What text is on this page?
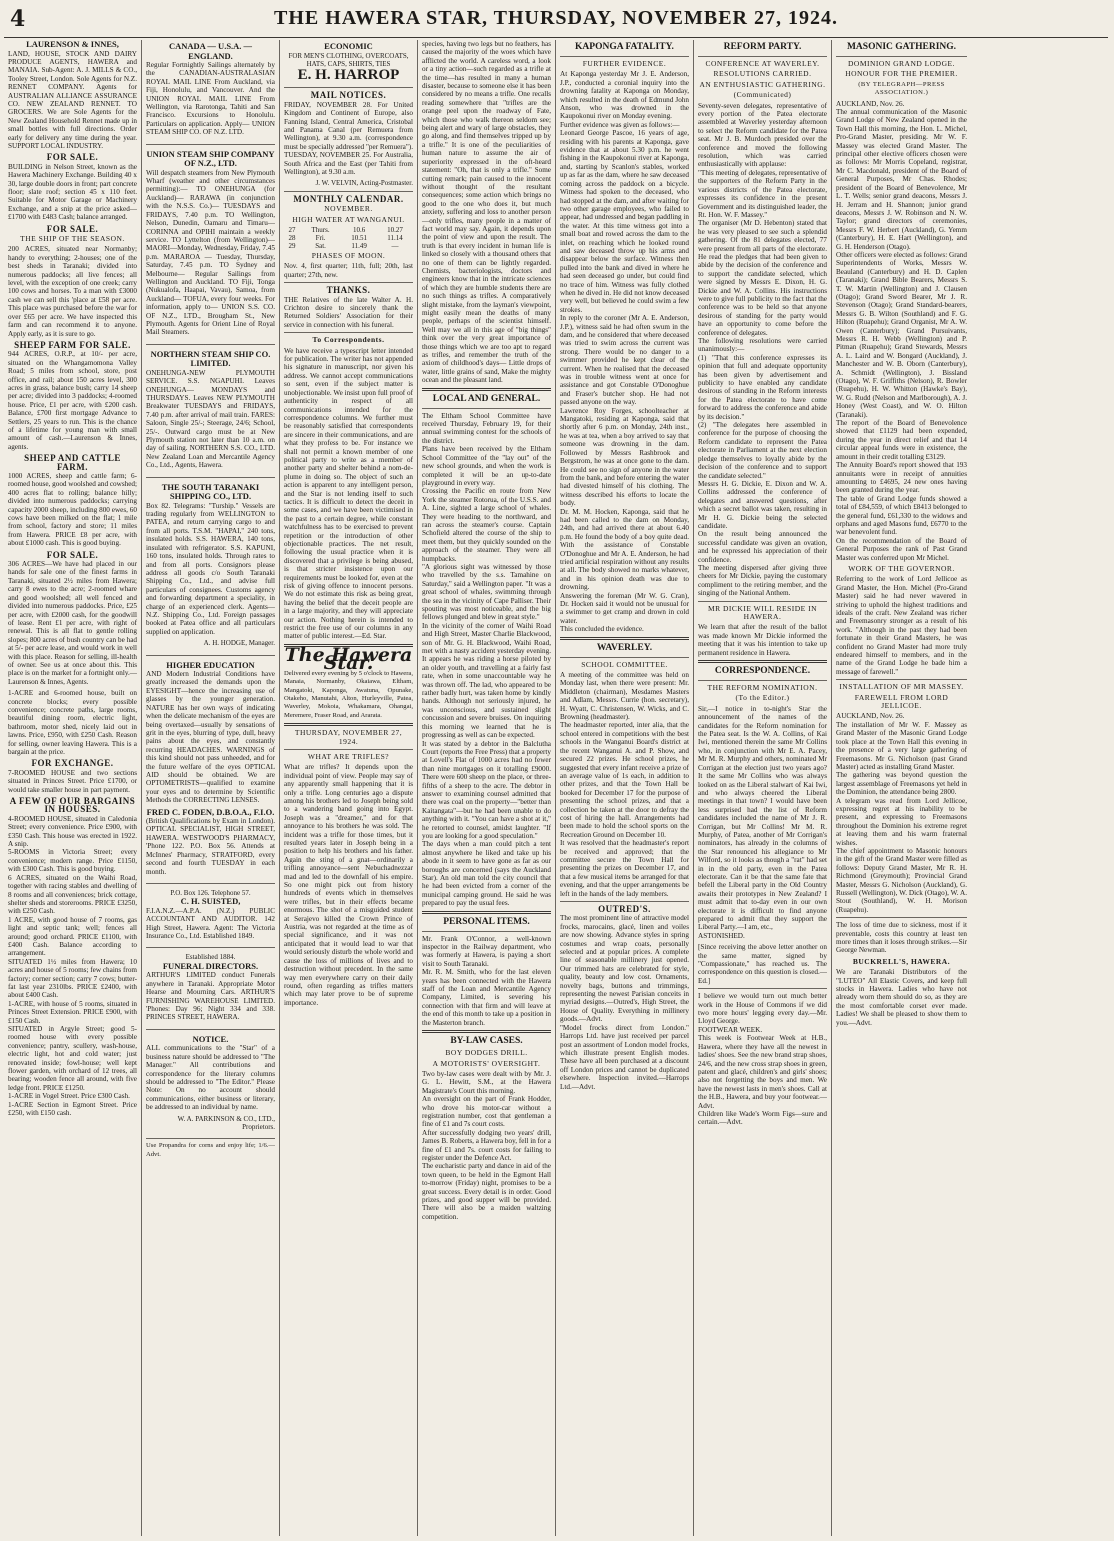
4	THE HAWERA STAR, THURSDAY, NOVEMBER 27, 1924.
LAURENSON & INNES,

LAND, HOUSE, STOCK AND DAIRY PRODUCE AGENTS, HAWERA and MANAIA. Sub-Agent: A. J. MILLS & CO., Tooley Street, London. Sole Agents for N.Z. RENNET COMPANY. Agents for AUSTRALIAN ALLIANCE ASSURANCE CO. NEW ZEALAND RENNET. TO GROCERS. We are Sole Agents for the New Zealand Household Rennet made up in small bottles with full directions. Order early for delivery any time during the year. SUPPORT LOCAL INDUSTRY.

FOR SALE.

BUILDING in Nelson Street, known as the Hawera Machinery Exchange. Building 40 x 30, large double doors in front; part concrete floor; slate roof; section 45 x 110 feet. Suitable for Motor Garage or Machinery Exchange, and a snip at the price asked—£1700 with £483 Cash; balance arranged.

FOR SALE.
THE SHIP OF THE SEASON.

200 ACRES, situated near Normanby; handy to everything; 2-houses; one of the best sheds in Taranaki; divided into numerous paddocks; all live fences; all level, with the exception of one creek; carry 100 cows and horses. To a man with £3000 cash we can sell this 'place at £58 per acre. This place was purchased before the war for over £65 per acre. We have inspected this farm and can recommend it to anyone. Apply early, as it is sure to go.

SHEEP FARM FOR SALE.

944 ACRES, O.R.P., at 10/- per acre, situated on the Whangamomona Valley Road; 5 miles from school, store, post office, and rail; about 150 acres level, 300 acres in grass, balance bush; carry 14 sheep per acre; divided into 3 paddocks; 4-roomed house. Price, £1 per acre, with £200 cash. Balance, £700 first mortgage Advance to Settlers, 25 years to run. This is the chance of a lifetime for young man with small amount of cash.—Laurenson & Innes, agents.

SHEEP AND CATTLE FARM.

1000 ACRES, sheep and cattle farm; 6-roomed house, good woolshed and cowshed; 400 acres flat to rolling; balance hilly; divided into numerous paddocks; carrying capacity 2000 sheep, including 800 ewes, 60 cows have been milked on the flat; 1 mile from school, factory and store; 11 miles from Hawera. PRICE £8 per acre, with about £1000 cash. This is good buying.

FOR SALE.

306 ACRES—We have had placed in our hands for sale one of the finest farms in Taranaki, situated 2½ miles from Hawera; carry 8 ewes to the acre; 2-roomed whare and good woolshed; all well fenced and divided into numerous paddocks. Price, £25 per acre, with £2000 cash, for the goodwill of lease. Rent £1 per acre, with right of renewal. This is all flat to gentle rolling slopes; 800 acres of bush country can be had at 5/- per acre lease, and would work in well with this place. Reason for selling, ill-health of owner. See us at once about this. This place is on the market for a fortnight only.—Laurenson & Innes, Agents.

1-ACRE and 6-roomed house, built on concrete blocks; every possible convenience; concrete paths, large rooms, beautiful dining room, electric light, bathroom, motor shed, nicely laid out in lawns. Price, £950, with £250 Cash. Reason for selling, owner leaving Hawera. This is a bargain at the price.

FOR EXCHANGE.

7-ROOMED HOUSE and two sections situated in Princes Street. Price £1700, or would take smaller house in part payment.

A FEW OF OUR BARGAINS IN HOUSES.

4-ROOMED HOUSE, situated in Caledonia Street; every convenience. Price £900, with £350 Cash. This house was erected in 1922. A snip.
5-ROOMS in Victoria Street; every convenience; modern range. Price £1150, with £300 Cash. This is good buying.
6 ACRES, situated on the Waihi Road, together with racing stables and dwelling of 8 rooms and all conveniences; brick cottage, shelter sheds and storerooms. PRICE £3250, with £250 Cash.
1 ACRE, with good house of 7 rooms, gas light and septic tank; well; fences all around; good orchard. PRICE £1100, with £400 Cash. Balance according to arrangement.
SITUATED 1½ miles from Hawera; 10 acres and house of 5 rooms; few chains from factory; corner section; carry 7 cows; butter-fat last year 2310lbs. PRICE £2400, with about £400 Cash.
1-ACRE, with house of 5 rooms, situated in Princes Street Extension. PRICE £900, with £150 Cash.
SITUATED in Argyle Street; good 5-roomed house with every possible convenience; pantry, scullery, wash-house, electric light, hot and cold water; just renovated inside; fowl-house; well kept flower garden, with orchard of 12 trees, all bearing; wooden fence all around, with five ledge front. PRICE £1250.
1-ACRE in Vogel Street. Price £300 Cash.
1-ACRE Section in Egmont Street. Price £250, with £150 cash.

CANADA — U.S.A. — ENGLAND.

Regular Fortnightly Sailings alternately by the CANADIAN-AUSTRALASIAN ROYAL MAIL LINE From Auckland, via Fiji, Honolulu, and Vancouver. And the UNION ROYAL MAIL LINE From Wellington, via Rarotonga, Tahiti and San Francisco. Excursions to Honolulu. Particulars on application. Apply— UNION STEAM SHIP CO. OF N.Z. LTD.

UNION STEAM SHIP COMPANY OF N.Z., LTD.

Will despatch steamers from New Plymouth Wharf (weather and other circumstances permitting):— TO ONEHUNGA (for Auckland)— RARAWA (in conjunction with the N.S.S. Co.)— TUESDAYS and FRIDAYS, 7.40 p.m. TO Wellington, Nelson, Dunedin, Oamaru and Timaru— CORINNA and OPIHI maintain a weekly service. TO Lyttelton (from Wellington)— MAORI—Monday, Wednesday, Friday, 7.45 p.m. MARAROA — Tuesday, Thursday, Saturday, 7.45 p.m. TO Sydney and Melbourne— Regular Sailings from Wellington and Auckland. TO Fiji, Tonga (Nukualofa, Haapai, Vavau), Samoa, from Auckland— TOFUA, every four weeks. For information, apply to— UNION S.S. CO. OF N.Z., LTD., Brougham St., New Plymouth. Agents for Orient Line of Royal Mail Steamers.

NORTHERN STEAM SHIP CO. LIMITED.

ONEHUNGA-NEW PLYMOUTH SERVICE. S.S. NGAPUHI. Leaves ONEHUNGA— MONDAYS and THURSDAYS. Leaves NEW PLYMOUTH Breakwater TUESDAYS and FRIDAYS, 7.40 p.m. after arrival of mail train. FARES: Saloon, Single 25/-; Steerage, 24/6; School, 25/-. Outward cargo must be at New Plymouth station not later than 10 a.m. on day of sailing. NORTHERN S.S. CO., LTD. New Zealand Loan and Mercantile Agency Co., Ltd., Agents, Hawera.

THE SOUTH TARANAKI SHIPPING CO., LTD.

Box 82. Telegrams: "Turship." Vessels are trading regularly from WELLINGTON to PATEA, and return carrying cargo to and from all ports. T.S.M. "HAPAI," 240 tons, insulated holds. S.S. HAWERA, 140 tons, insulated with refrigerator. S.S. KAPUNI, 160 tons, insulated holds. Through rates to and from all ports. Consignors please address all goods c/o South Taranaki Shipping Co., Ltd., and advise full particulars of consignees. Customs agency and forwarding department a speciality, in charge of an experienced clerk. Agents—N.Z. Shipping Co., Ltd. Foreign passages booked at Patea office and all particulars supplied on application.

A. H. HODGE, Manager.
HIGHER EDUCATION

AND Modern Industrial Conditions have greatly increased the demands upon the EYESIGHT—hence the increasing use of glasses by the younger generation. NATURE has her own ways of indicating when the delicate mechanism of the eyes are being overtaxed—usually by sensations of grit in the eyes, blurring of type, dull, heavy pains about the eyes, and constantly recurring HEADACHES. WARNINGS of this kind should not pass unheeded, and for the future welfare of the eyes OPTICAL AID should be obtained. We are OPTOMETRISTS—qualified to examine your eyes and to determine by Scientific Methods the CORRECTING LENSES.

FRED C. FODEN, D.B.O.A., F.I.O.

(British Qualifications by Exam in London). OPTICAL SPECIALIST, HIGH STREET, HAWERA. WESTWOOD'S PHARMACY, 'Phone 122. P.O. Box 56. Attends at McInnes' Pharmacy, STRATFORD, every second and fourth TUESDAY in each month.

P.O. Box 126. Telephone 57.
C. H. SUISTED,

F.I.A.N.Z.—A.P.A. (N.Z.) PUBLIC ACCOUNTANT AND AUDITOR. 142 High Street, Hawera. Agent: The Victoria Insurance Co., Ltd. Established 1849.

Established 1884.
FUNERAL DIRECTORS.

ARTHUR'S LIMITED conduct Funerals anywhere in Taranaki. Appropriate Motor Hearse and Mourning Cars. ARTHUR'S FURNISHING WAREHOUSE LIMITED. 'Phones: Day 96; Night 334 and 338. PRINCES STREET, HAWERA.

NOTICE.

ALL communications to the "Star" of a business nature should be addressed to "The Manager." All contributions and correspondence for the literary columns should be addressed to "The Editor." Please Note: On no account should communications, either business or literary, be addressed to an individual by name.

W. A. PARKINSON & CO., LTD., Proprietors.

Use Propandra for corns and enjoy life; 1/6.—Advt.

ECONOMIC
FOR MEN'S CLOTHING, OVERCOATS, HATS, CAPS, SHIRTS, TIES
E. H. HARROP
MAIL NOTICES.

FRIDAY, NOVEMBER 28. For United Kingdom and Continent of Europe, also Fanning Island, Central America, Cristobal and Panama Canal (per Remuera from Wellington), at 9.30 a.m. (correspondence must be specially addressed "per Remuera"). TUESDAY, NOVEMBER 25. For Australia, South Africa and the East (per Tahiti from Wellington), at 9.30 a.m.

J. W. VELVIN, Acting-Postmaster.
MONTHLY CALENDAR.
NOVEMBER.
HIGH WATER AT WANGANUI.
27	Thurs.	10.6	10.27
28	Fri.	10.51	11.14
29	Sat.	11.49	—
PHASES OF MOON.

Nov. 4, first quarter; 11th, full; 20th, last quarter; 27th, new.

THANKS.

THE Relatives of the late Walter A. H. Crichton desire to sincerely thank the Returned Soldiers' Association for their service in connection with his funeral.

To Correspondents.

We have receive a typescript letter intended for publication. The writer has not appended his signature in manuscript, nor given his address. We cannot accept communications so sent, even if the subject matter is unobjectionable. We insist upon full proof of authenticity in respect of all communications intended for the correspondence columns. We further must be reasonably satisfied that correspondents are sincere in their communications, and are what they profess to be. For instance we shall not permit a known member of one political party to write as a member of another party and shelter behind a nom-de-plume in doing so. The object of such an action is apparent to any intelligent person, and the Star is not lending itself to such tactics. It is difficult to detect the deceit in some cases, and we have been victimised in the past to a certain degree, while constant watchfulness has to be exercised to prevent repetition or the introduction of other objectionable practices. The net result, following the usual practice when it is discovered that a privilege is being abused, is that stricter insistence upon our requirements must be looked for, even at the risk of giving offence to innocent persons. We do not estimate this risk as being great, having the belief that the deceit people are in a large majority, and they will appreciate our action. Nothing herein is intended to restrict the free use of our columns in any matter of public interest.—Ed. Star.

The Hawera Star.

Delivered every evening by 5 o'clock to Hawera, Manaia, Normanby, Okaiawa, Eltham, Mangatoki, Kaponga, Awatuna, Opunake, Otakeho, Manutahi, Alton, Hurleyville, Patea, Waverley, Mokoia, Whakamara, Ohangai, Meremere, Fraser Road, and Ararata.

THURSDAY, NOVEMBER 27, 1924.
WHAT ARE TRIFLES?

What are trifles? It depends upon the individual point of view. People may say of any apparently small happening that it is only a trifle. Long centuries ago a dispute among his brothers led to Joseph being sold to a wandering band going into Egypt. Joseph was a "dreamer," and for that annoyance to his brothers he was sold. The incident was a trifle for those times, but it resulted years later in Joseph being in a position to help his brothers and his father. Again the sting of a gnat—ordinarily a trifling annoyance—sent Nebuchadnezzar mad and led to the downfall of his empire. So one might pick out from history hundreds of events which in themselves were trifles, but in their effects became enormous. The shot of a misguided student at Serajevo killed the Crown Prince of Austria, was not regarded at the time as of special significance, and it was not anticipated that it would lead to war that would seriously disturb the whole world and cause the loss of millions of lives and to destruction without precedent. In the same way men everywhere carry on their daily round, often regarding as trifles matters which may later prove to be of supreme importance.

species, having two legs but no feathers, has caused the majority of the woes which have afflicted the world. A careless word, a look or a tiny action—such regarded as a trifle at the time—has resulted in many a human disaster, because to someone else it has been considered by no means a trifle. One recalls reading somewhere that "trifles are the orange peel upon the roadway of Fate, which those who walk thereon seldom see; being alert and wary of large obstacles, they go along, and find themselves tripped up by a trifle." It is one of the peculiarities of human nature to assume the air of superiority expressed in the oft-heard statement: "Oh, that is only a trifle." Some cutting remark; pain caused to the innocent without thought of the resultant consequences; some action which brings no good to the one who does it, but much anxiety, suffering and loss to another person—only trifles, many people in a matter of fact world may say. Again, it depends upon the point of view and upon the result. The truth is that every incident in human life is linked so closely with a thousand others that no one of them can be lightly regarded. Chemists, bacteriologists, doctors and engineers know that in the intricate sciences of which they are humble students there are no such things as trifles. A comparatively slight mistake, from the layman's viewpoint, might easily mean the deaths of many people, perhaps of the scientist himself. Well may we all in this age of "big things" think over the very great importance of those things which we are too apt to regard as trifles, and remember the truth of the axiom of childhood's days— Little drops of water, little grains of sand, Make the mighty ocean and the pleasant land.

LOCAL AND GENERAL.

The Eltham School Committee have received Thursday, February 19, for their annual swimming contest for the schools of the district.
Plans have been received by the Eltham School Committee of the "lay out" of the new school grounds, and when the work is completed it will be an up-to-date playground in every way.
Crossing the Pacific en route from New York the steamer Rotorua, of the U.S.S. and A. Line, sighted a large school of whales. They were heading to the northward, and ran across the steamer's course. Captain Schofield altered the course of the ship to meet them, but they quickly sounded on the approach of the steamer. They were all humpbacks.
"A glorious sight was witnessed by those who travelled by the s.s. Tamahine on Saturday," said a Wellington paper. "It was a great school of whales, swimming through the sea in the vicinity of Cape Palliser. Their spouting was most noticeable, and the big fellows plunged and blew in great style."
In the vicinity of the corner of Waihi Road and High Street, Master Charlie Blackwood, son of Mr. G. H. Blackwood, Waihi Road, met with a nasty accident yesterday evening. It appears he was riding a horse piloted by an older youth, and travelling at a fairly fast rate, when in some unaccountable way he was thrown off. The lad, who appeared to be rather badly hurt, was taken home by kindly hands. Although not seriously injured, he was unconscious, and sustained slight concussion and severe bruises. On inquiring this morning we learned that he is progressing as well as can be expected.
It was stated by a debtor in the Balclutha Court (reports the Free Press) that a property at Lovell's Flat of 1000 acres had no fewer than nine mortgages on it totalling £9000. There were 600 sheep on the place, or three-fifths of a sheep to the acre. The debtor in answer to examining counsel admitted that there was coal on the property—"better than Kaitangata"—but he had been unable to do anything with it. "You can have a shot at it," he retorted to counsel, amidst laughter. "If you are looking for a good speculation."
The days when a man could pitch a tent almost anywhere he liked and take up his abode in it seem to have gone as far as our boroughs are concerned (says the Auckland Star). An old man told the city council that he had been evicted from a corner of the municipal camping ground. He said he was prepared to pay the usual fees.

PERSONAL ITEMS.

Mr. Frank O'Connor, a well-known inspector in the Railway department, who was formerly at Hawera, is paying a short visit to South Taranaki.
Mr. R. M. Smith, who for the last eleven years has been connected with the Hawera staff of the Loan and Mercantile Agency Company, Limited, is severing his connection with that firm and will leave at the end of this month to take up a position in the Masterton branch.

BY-LAW CASES.
BOY DODGES DRILL.
A MOTORISTS' OVERSIGHT.

Two by-law cases were dealt with by Mr. J. G. L. Hewitt, S.M., at the Hawera Magistrate's Court this morning.
An oversight on the part of Frank Hodder, who drove his motor-car without a registration number, cost that gentleman a fine of £1 and 7s court costs.
After successfully dodging two years' drill, James B. Roberts, a Hawera boy, fell in for a fine of £1 and 7s. court costs for failing to register under the Defence Act.
The eucharistic party and dance in aid of the town queen, to be held in the Egmont Hall to-morrow (Friday) night, promises to be a great success. Every detail is in order. Good prizes, and good supper will be provided. There will also be a maiden waltzing competition.

KAPONGA FATALITY.
FURTHER EVIDENCE.

At Kaponga yesterday Mr J. E. Anderson, J.P., conducted a coronial inquiry into the drowning fatality at Kaponga on Monday, which resulted in the death of Edmund John Anson, who was drowned in the Kaupokonui river on Monday evening.
Further evidence was given as follows:—
Leonard George Pascoe, 16 years of age, residing with his parents at Kaponga, gave evidence that at about 5.30 p.m. he went fishing in the Kaupokonui river at Kaponga, and, starting by Scanlon's stables, worked up as far as the dam, where he saw deceased coming across the paddock on a bicycle. Witness had spoken to the deceased, who had stopped at the dam, and after waiting for two other garage employees, who failed to appear, had undressed and began paddling in the water. At this time witness got into a small boat and rowed across the dam to the inlet, on reaching which he looked round and saw deceased throw up his arms and disappear below the surface. Witness then pulled into the bank and dived in where he had seen deceased go under, but could find no trace of him. Witness was fully clothed when he dived in. He did not know deceased very well, but believed he could swim a few strokes.
In reply to the coroner (Mr A. E. Anderson, J.P.), witness said he had often swum in the dam, and he considered that where deceased was tried to swim across the current was strong. There would be no danger to a swimmer provided he kept clear of the current. When he realised that the deceased was in trouble witness went at once for assistance and got Constable O'Donoghue and Fraser's butcher shop. He had not passed anyone on the way.
Lawrence Roy Forges, schoolteacher at Mangatoki, residing at Kaponga, said that shortly after 6 p.m. on Monday, 24th inst., he was at tea, when a boy arrived to say that someone was drowning in the dam. Followed by Messrs Rashbrook and Bergstrom, he was at once gone to the dam. He could see no sign of anyone in the water from the bank, and before entering the water had divested himself of his clothing. The witness described his efforts to locate the body.
Dr. M. M. Hocken, Kaponga, said that he had been called to the dam on Monday, 24th, and had arrived there at about 6.40 p.m. He found the body of a boy quite dead. With the assistance of Constable O'Donoghue and Mr A. E. Anderson, he had tried artificial respiration without any results at all. The body showed no marks whatever, and in his opinion death was due to drowning.
Answering the foreman (Mr W. G. Cran), Dr. Hocken said it would not be unusual for a swimmer to get cramp and drown in cold water.
This concluded the evidence.

WAVERLEY.
SCHOOL COMMITTEE.

A meeting of the committee was held on Monday last, when there were present: Mr. Middleton (chairman), Mesdames Masters and Adlam, Messrs. Currie (hon. secretary), H. Wyatt, C. Christensen, W. Wicks, and C. Browning (headmaster).
The headmaster reported, inter alia, that the school entered in competitions with the best schools in the Wanganui Board's district at the recent Wanganui A. and P. Show, and secured 22 prizes. He school prizes, he suggested that every infant receive a prize of an average value of 1s each, in addition to other prizes, and that the Town Hall be booked for December 17 for the purpose of presenting the school prizes, and that a collection be taken at the door to defray the cost of hiring the hall. Arrangements had been made to hold the school sports on the Recreation Ground on December 10.
It was resolved that the headmaster's report be received and approved; that the committee secure the Town Hall for presenting the prizes on December 17, and that a few musical items be arranged for that evening, and that the upper arrangements be left in the hands of the lady members.

OUTRED'S.

The most prominent line of attractive model frocks, marocains, glacé, linen and voiles are now showing. Advance styles in spring costumes and wrap coats, personally selected and at popular prices. A complete line of seasonable millinery just opened. Our trimmed hats are celebrated for style, quality, beauty and low cost. Ornaments, novelty bags, buttons and trimmings, representing the newest Parisian conceits in myriad designs.—Outred's, High Street, the House of Quality. Everything in millinery goods.—Advt.
"Model frocks direct from London." Harrops Ltd. have just received per parcel post an assortment of London model frocks, which illustrate present English modes. These have all been purchased at a discount off London prices and cannot be duplicated elsewhere. Inspection invited.—Harrops Ltd.—Advt.

REFORM PARTY.
CONFERENCE AT WAVERLEY.
RESOLUTIONS CARRIED.
AN ENTHUSIASTIC GATHERING.
(Communicated)

Seventy-seven delegates, representative of every portion of the Patea electorate assembled at Waverley yesterday afternoon to select the Reform candidate for the Patea seat. Mr J. B. Murdoch presided over the conference and moved the following resolution, which was carried enthusiastically with applause:
"This meeting of delegates, representative of the supporters of the Reform Party in the various districts of the Patea electorate, expresses its confidence in the present Government and its distinguished leader, the Rt. Hon. W. F. Massey."
The organiser (Mr D. Hebenton) stated that he was very pleased to see such a splendid gathering. Of the 81 delegates elected, 77 were present from all parts of the electorate. He read the pledges that had been given to abide by the decision of the conference and to support the candidate selected, which were signed by Messrs E. Dixon, H. G. Dickie and W. A. Collins. His instructions were to give full publicity to the fact that the conference was to be held so that anyone desirous of standing for the party would have an opportunity to come before the conference of delegates.
The following resolutions were carried unanimously:—
(1) "That this conference expresses its opinion that full and adequate opportunity has been given by advertisement and publicity to have enabled any candidate desirous of standing in the Reform interests for the Patea electorate to have come forward to address the conference and abide by its decision."
(2) "The delegates here assembled in conference for the purpose of choosing the Reform candidate to represent the Patea electorate in Parliament at the next election pledge themselves to loyally abide by the decision of the conference and to support the candidate selected."
Messrs H. G. Dickie, E. Dixon and W. A. Collins addressed the conference of delegates and answered questions, after which a secret ballot was taken, resulting in Mr H. G. Dickie being the selected candidate.
On the result being announced the successful candidate was given an ovation, and he expressed his appreciation of their confidence.
The meeting dispersed after giving three cheers for Mr Dickie, paying the customary compliment to the retiring member, and the singing of the National Anthem.

MR DICKIE WILL RESIDE IN HAWERA.

We learn that after the result of the ballot was made known Mr Dickie informed the meeting that it was his intention to take up permanent residence in Hawera.

CORRESPONDENCE.
THE REFORM NOMINATION.
(To the Editor.)

Sir,—I notice in to-night's Star the announcement of the names of the candidates for the Reform nomination for the Patea seat. Is the W. A. Collins, of Kai Iwi, mentioned therein the same Mr Collins who, in conjunction with Mr E. A. Pacey, Mr M. R. Murphy and others, nominated Mr Corrigan at the election just two years ago? It the same Mr Collins who was always looked on as the Liberal stalwart of Kai Iwi, and who always cheered the Liberal meetings in that town? I would have been less surprised had the list of Reform candidates included the name of Mr J. R. Corrigan, but Mr Collins! Mr M. R. Murphy, of Patea, another of Mr Corrigan's nominators, has already in the columns of the Star renounced his allegiance to Mr Wilford, so it looks as though a "rat" had set in in the old party, even in the Patea electorate. Can it be that the same fate that befell the Liberal party in the Old Country awaits their prototypes in New Zealand? I must admit that to-day even in our own electorate it is difficult to find anyone prepared to admit that they support the Liberal Party.—I am, etc.,
ASTONISHED.

[Since receiving the above letter another on the same matter, signed by "Compassionate," has reached us. The correspondence on this question is closed.—Ed.]

I believe we would turn out much better work in the House of Commons if we did two more hours' legging every day.—Mr. Lloyd George.
FOOTWEAR WEEK.
This week is Footwear Week at H.B., Hawera, where they have all the newest in ladies' shoes. See the new brand strap shoes, 24/6, and the new cross strap shoes in green, patent and glacé, children's and girls' shoes; also not forgetting the boys and men. We have the newest lasts in men's shoes. Call at the H.B., Hawera, and buy your footwear.—Advt.
Children like Wade's Worm Figs—sure and certain.—Advt.

MASONIC GATHERING.
DOMINION GRAND LODGE.
HONOUR FOR THE PREMIER.
(BY TELEGRAPH—PRESS ASSOCIATION.)

AUCKLAND, Nov. 26.
The annual communication of the Masonic Grand Lodge of New Zealand opened in the Town Hall this morning, the Hon. L. Michel, Pro-Grand Master, presiding. Mr W. F. Massey was elected Grand Master. The principal other elective officers chosen were as follows: Mr Morris Copeland, registrar, Mr C. Macdonald, president of the Board of General Purposes, Mr Chas. Rhodes; president of the Board of Benevolence, Mr L. T. Wells; senior grand deacons, Messrs J. H. Jerram and H. Shannon; junior grand deacons, Messrs J. W. Robinson and N. W. Taylor; grand directors of ceremonies, Messrs F. W. Herbert (Auckland), G. Yemm (Canterbury), H. E. Hart (Wellington), and G. H. Henderson (Otago).
Other officers were elected as follows: Grand Superintendents of Works, Messrs W. Beauland (Canterbury) and H. D. Caplen (Taranaki); Grand Bible Bearers, Messrs S. T. W. Martin (Wellington) and J. Clausen (Otago); Grand Sword Bearer, Mr J. R. Stevenson (Otago); Grand Standard-bearers, Messrs G. B. Wilton (Southland) and F. G. Hilton (Ruapehu); Grand Organist, Mr A. W. Owen (Canterbury); Grand Pursuivants, Messrs R. H. Webb (Wellington) and P. Pitman (Ruapehu); Grand Stewards, Messrs A. L. Laird and W. Bongard (Auckland), J. Manchester and W. B. Oborn (Canterbury), A. Schmidt (Wellington), J. Bissland (Otago), W. F. Griffiths (Nelson), R. Bowler (Ruapehu), H. W. Whitton (Hawke's Bay), W. G. Rudd (Nelson and Marlborough), A. J. Honey (West Coast), and W. O. Hilton (Taranaki).
The report of the Board of Benevolence showed that £1129 had been expended, during the year in direct relief and that 14 circular appeal funds were in existence, the amount in their credit totalling £3129.
The Annuity Board's report showed that 193 annuitants were in receipt of annuities amounting to £4695, 24 new ones having been granted during the year.
The table of Grand Lodge funds showed a total of £84,559, of which £8413 belonged to the general fund, £61,330 to the widows and orphans and aged Masons fund, £6770 to the war benevolent fund.
On the recommendation of the Board of General Purposes the rank of Past Grand Master was conferred upon Mr Michel.

WORK OF THE GOVERNOR.

Referring to the work of Lord Jellicoe as Grand Master, the Hon. Michel (Pro-Grand Master) said he had never wavered in striving to uphold the highest traditions and ideals of the craft. New Zealand was richer and Freemasonry stronger as a result of his work. "Although in the past they had been fortunate in their Grand Masters, he was confident no Grand Master had more truly endeared himself to members, and in the name of the Grand Lodge he bade him a message of farewell."

INSTALLATION OF MR MASSEY.
FAREWELL FROM LORD JELLICOE.

AUCKLAND, Nov. 26.
The installation of Mr W. F. Massey as Grand Master of the Masonic Grand Lodge took place at the Town Hall this evening in the presence of a very large gathering of Freemasons. Mr G. Nicholson (past Grand Master) acted as installing Grand Master.
The gathering was beyond question the largest assemblage of Freemasons yet held in the Dominion, the attendance being 2800.
A telegram was read from Lord Jellicoe, expressing regret at his inability to be present, and expressing to Freemasons throughout the Dominion his extreme regret at leaving them and his warm fraternal wishes.
The chief appointment to Masonic honours in the gift of the Grand Master were filled as follows: Deputy Grand Master, Mr R. H. Richmond (Greymouth); Provincial Grand Master, Messrs G. Nicholson (Auckland), G. Russell (Wellington), W. Dick (Otago), W. A. Stout (Southland), W. H. Morison (Ruapehu).

The loss of time due to sickness, most if it preventable, costs this country at least ten more times than it loses through strikes.—Sir George Newman.

BUCKRELL'S, HAWERA.

We are Taranaki Distributors of the "LUTEO" All Elastic Covers, and keep full stocks in Hawera. Ladies who have not already worn them should do so, as they are the most comfortable corset ever made. Ladies! We shall be pleased to show them to you.—Advt.
